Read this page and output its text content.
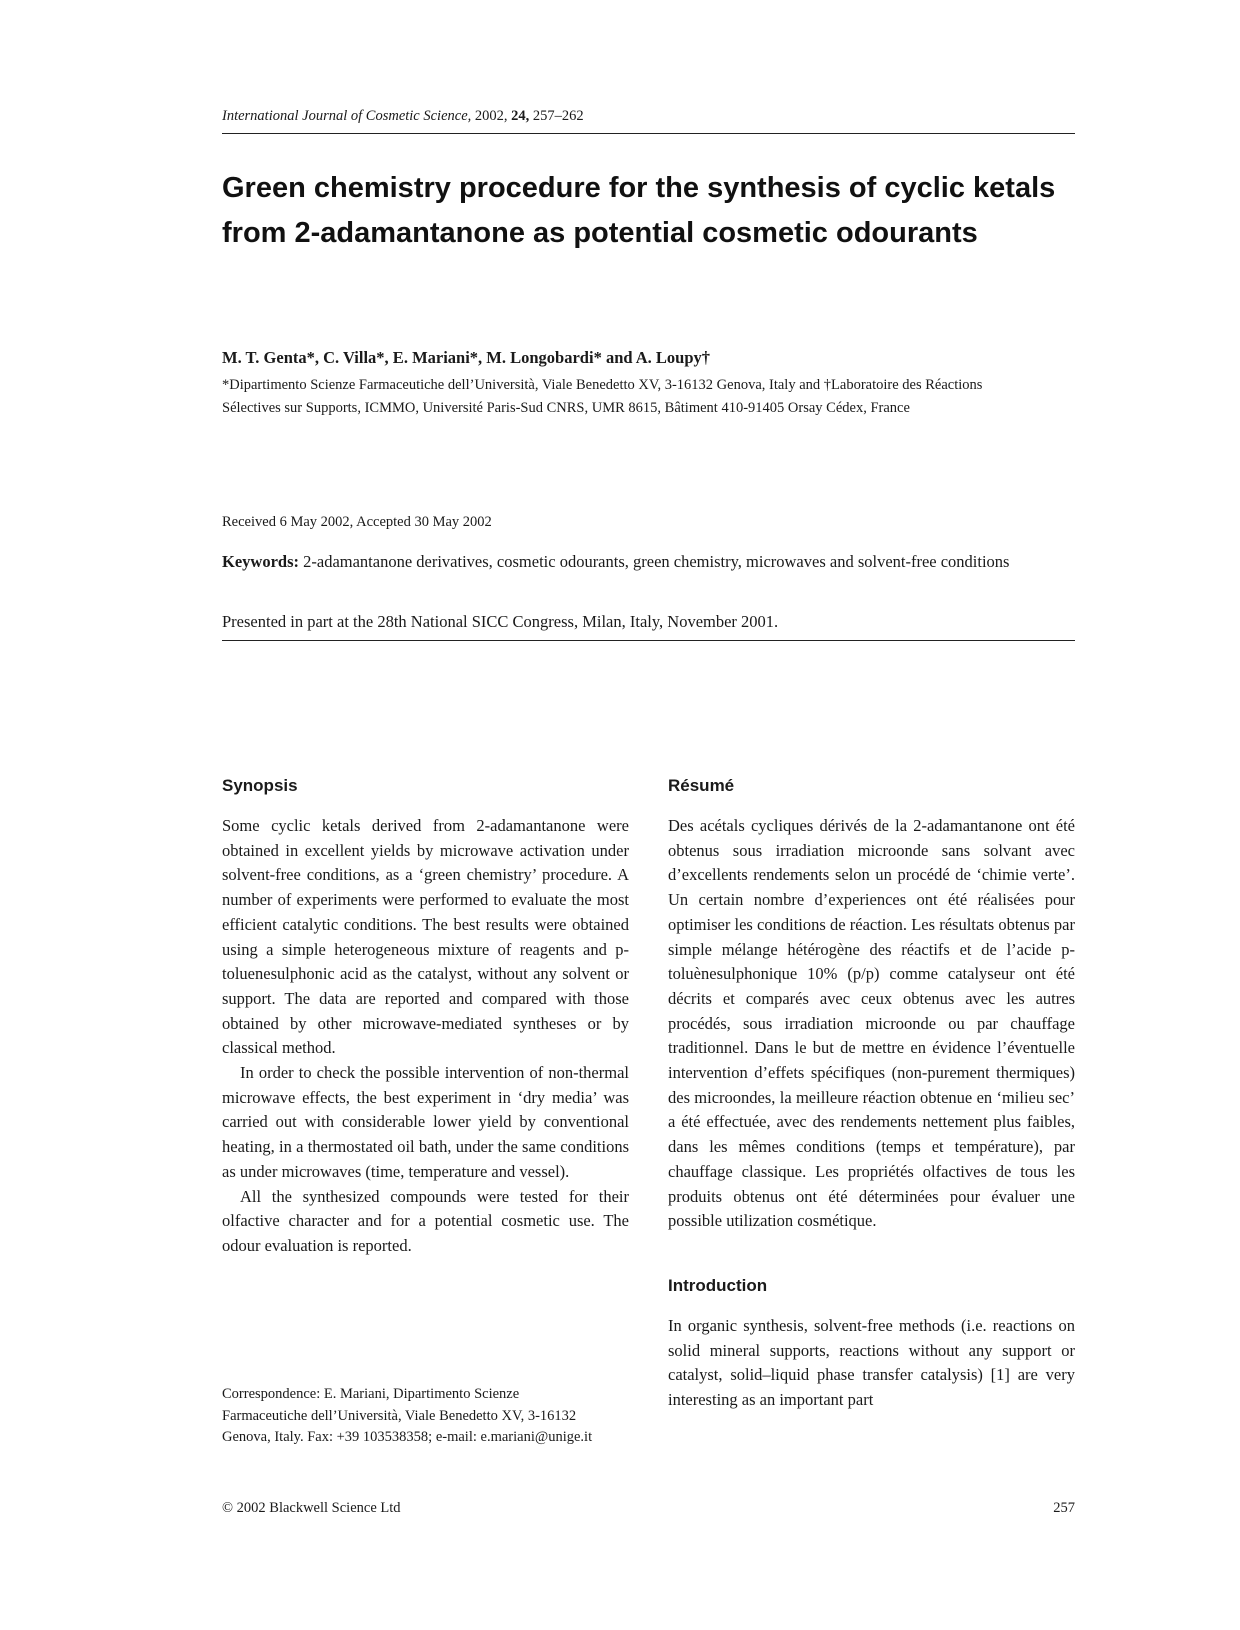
International Journal of Cosmetic Science, 2002, 24, 257–262
Green chemistry procedure for the synthesis of cyclic ketals from 2-adamantanone as potential cosmetic odourants
M. T. Genta*, C. Villa*, E. Mariani*, M. Longobardi* and A. Loupy†
*Dipartimento Scienze Farmaceutiche dell’Università, Viale Benedetto XV, 3-16132 Genova, Italy and †Laboratoire des Réactions Sélectives sur Supports, ICMMO, Université Paris-Sud CNRS, UMR 8615, Bâtiment 410-91405 Orsay Cédex, France
Received 6 May 2002, Accepted 30 May 2002
Keywords: 2-adamantanone derivatives, cosmetic odourants, green chemistry, microwaves and solvent-free conditions
Presented in part at the 28th National SICC Congress, Milan, Italy, November 2001.
Synopsis

Some cyclic ketals derived from 2-adamantanone were obtained in excellent yields by microwave activation under solvent-free conditions, as a ‘green chemistry’ procedure. A number of experiments were performed to evaluate the most efficient catalytic conditions. The best results were obtained using a simple heterogeneous mixture of reagents and p-toluenesulphonic acid as the catalyst, without any solvent or support. The data are reported and compared with those obtained by other microwave-mediated syntheses or by classical method.

In order to check the possible intervention of non-thermal microwave effects, the best experiment in ‘dry media’ was carried out with considerable lower yield by conventional heating, in a thermostated oil bath, under the same conditions as under microwaves (time, temperature and vessel).

All the synthesized compounds were tested for their olfactive character and for a potential cosmetic use. The odour evaluation is reported.

Résumé

Des acétals cycliques dérivés de la 2-adamantanone ont été obtenus sous irradiation microonde sans solvant avec d’excellents rendements selon un procédé de ‘chimie verte’. Un certain nombre d’experiences ont été réalisées pour optimiser les conditions de réaction. Les résultats obtenus par simple mélange hétérogène des réactifs et de l’acide p-toluènesulphonique 10% (p/p) comme catalyseur ont été décrits et comparés avec ceux obtenus avec les autres procédés, sous irradiation microonde ou par chauffage traditionnel. Dans le but de mettre en évidence l’éventuelle intervention d’effets spécifiques (non-purement thermiques) des microondes, la meilleure réaction obtenue en ‘milieu sec’ a été effectuée, avec des rendements nettement plus faibles, dans les mêmes conditions (temps et température), par chauffage classique. Les propriétés olfactives de tous les produits obtenus ont été déterminées pour évaluer une possible utilization cosmétique.

Introduction

In organic synthesis, solvent-free methods (i.e. reactions on solid mineral supports, reactions without any support or catalyst, solid–liquid phase transfer catalysis) [1] are very interesting as an important part

Correspondence: E. Mariani, Dipartimento Scienze Farmaceutiche dell’Università, Viale Benedetto XV, 3-16132 Genova, Italy. Fax: +39 103538358; e-mail: e.mariani@unige.it
© 2002 Blackwell Science Ltd	257
